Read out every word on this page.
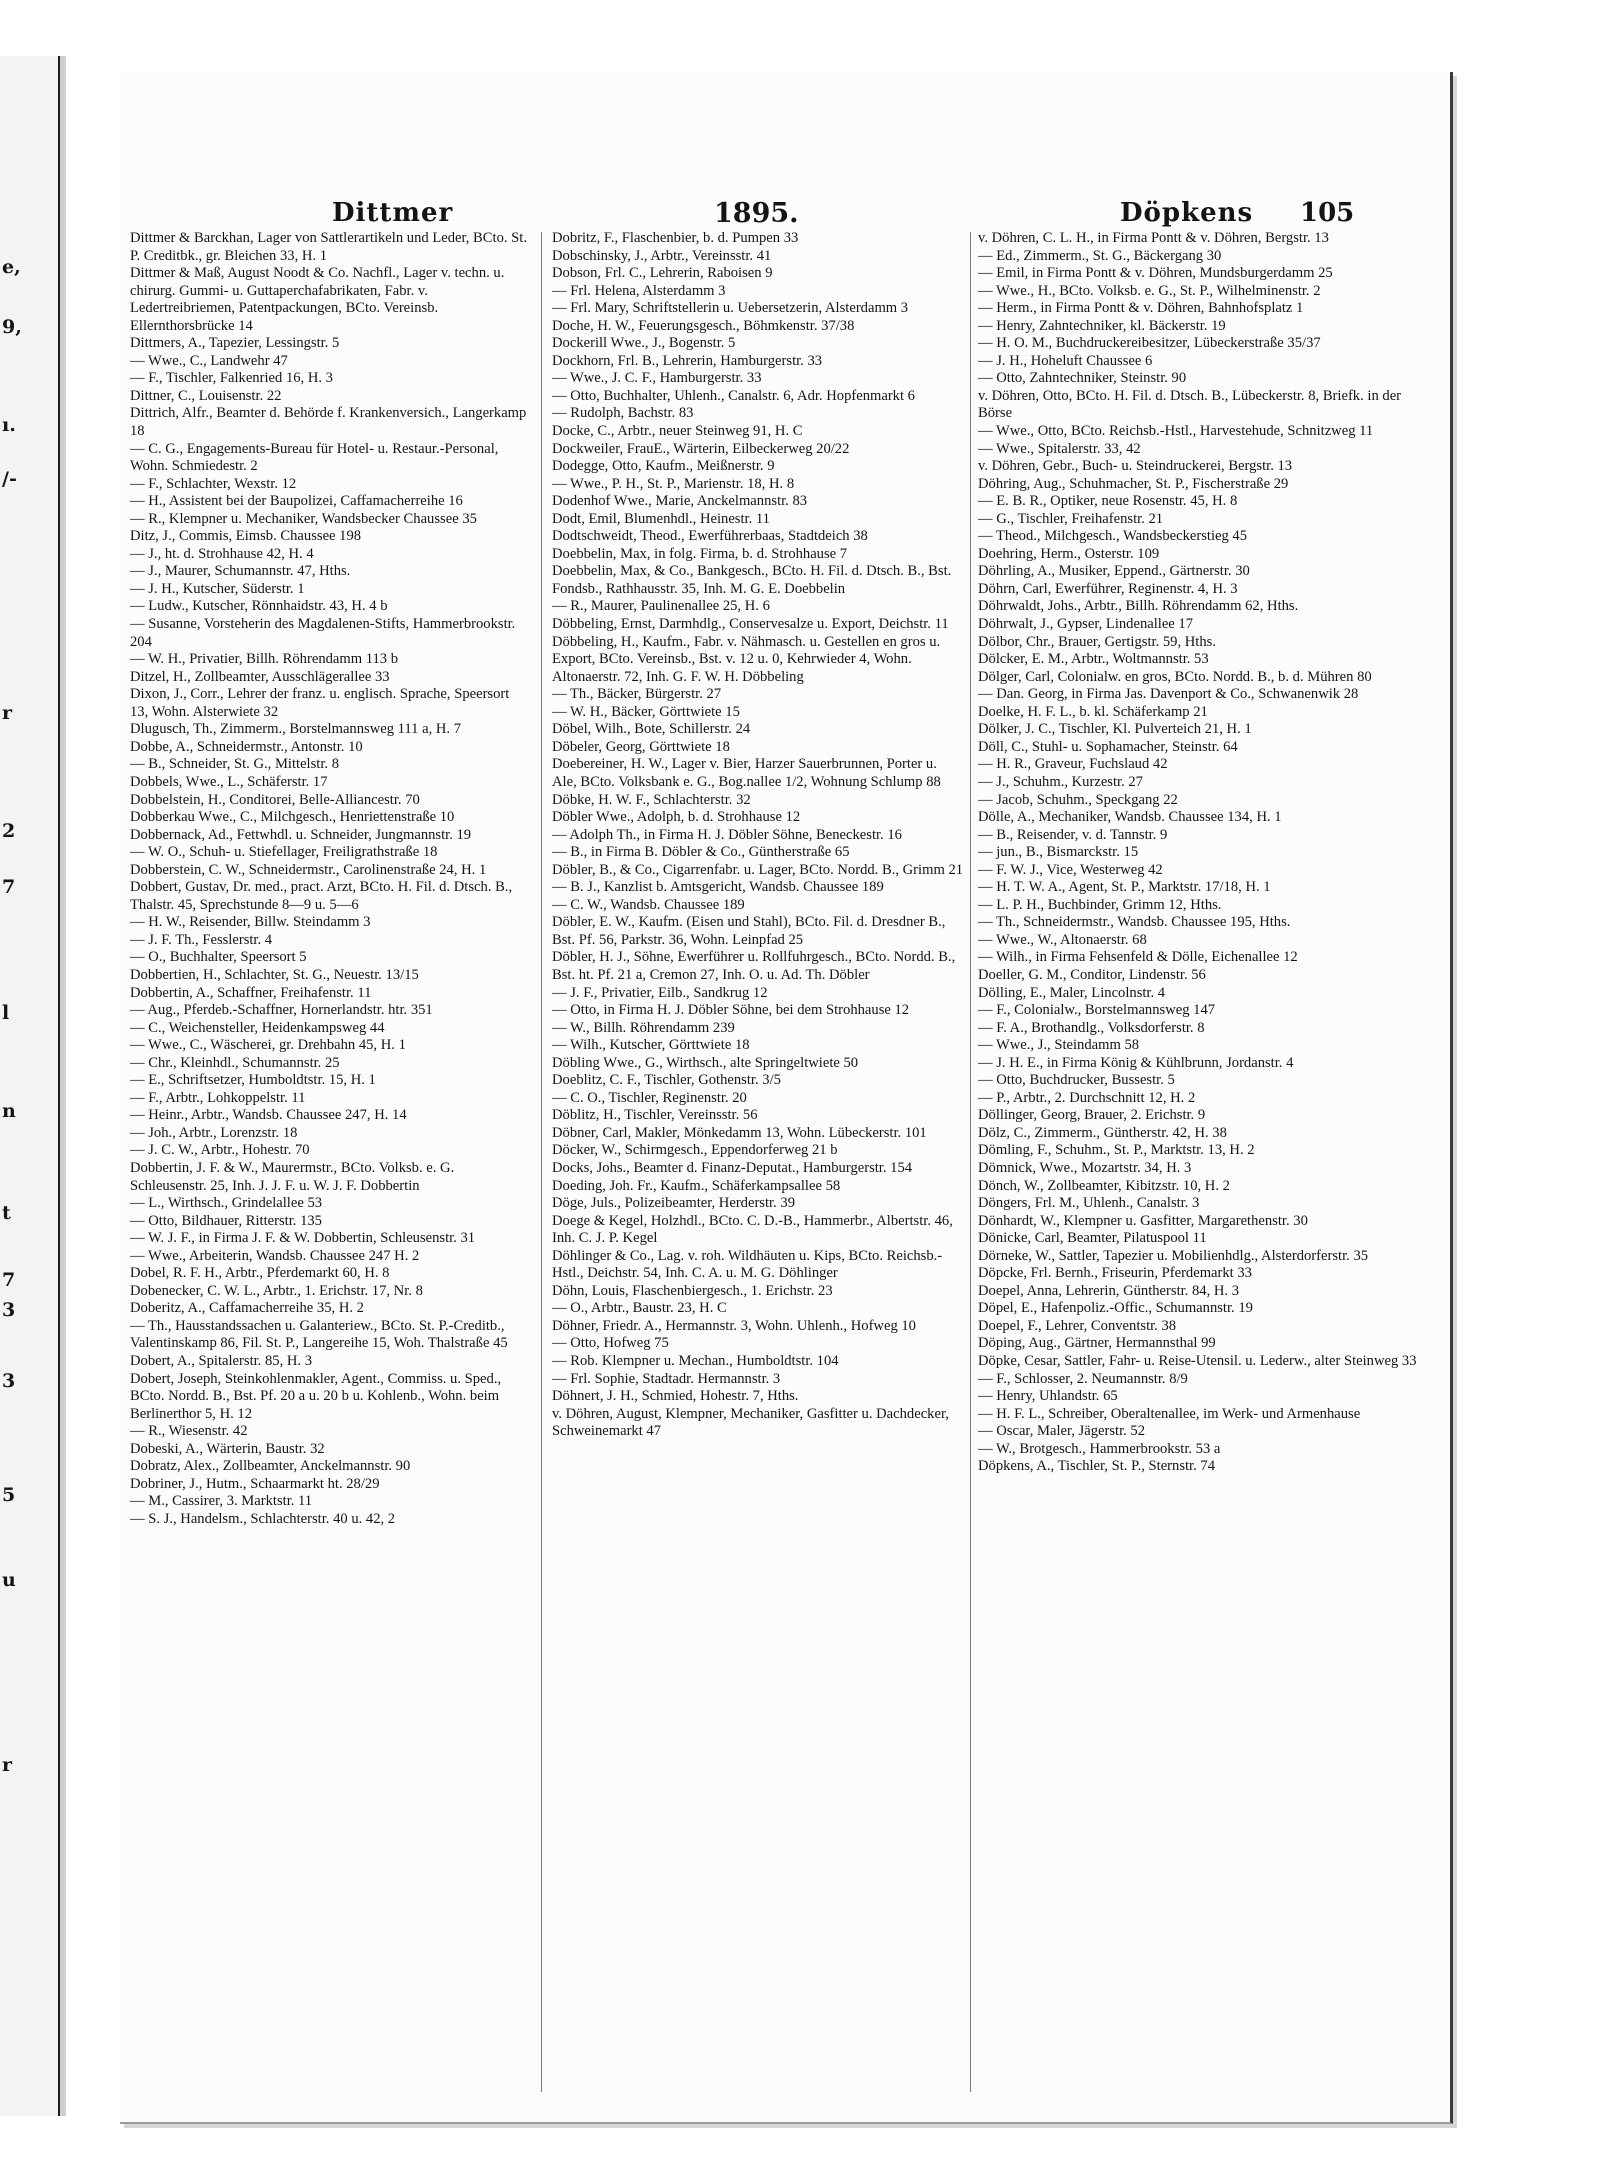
e,
9,
ı.
/-
r
2
7
l
n
t
7
3
3
5
u
r
Dittmer	1895.	Döpkens 105

Dittmer & Barckhan, Lager von Sattlerartikeln und Leder, BCto. St. P. Creditbk., gr. Bleichen 33, H. 1

Dittmer & Maß, August Noodt & Co. Nachfl., Lager v. techn. u. chirurg. Gummi- u. Guttaperchafabrikaten, Fabr. v. Ledertreibriemen, Patentpackungen, BCto. Vereinsb. Ellernthorsbrücke 14

Dittmers, A., Tapezier, Lessingstr. 5

— Wwe., C., Landwehr 47

— F., Tischler, Falkenried 16, H. 3

Dittner, C., Louisenstr. 22

Dittrich, Alfr., Beamter d. Behörde f. Krankenversich., Langerkamp 18

— C. G., Engagements-Bureau für Hotel- u. Restaur.-Personal, Wohn. Schmiedestr. 2

— F., Schlachter, Wexstr. 12

— H., Assistent bei der Baupolizei, Caffamacherreihe 16

— R., Klempner u. Mechaniker, Wandsbecker Chaussee 35

Ditz, J., Commis, Eimsb. Chaussee 198

— J., ht. d. Strohhause 42, H. 4

— J., Maurer, Schumannstr. 47, Hths.

— J. H., Kutscher, Süderstr. 1

— Ludw., Kutscher, Rönnhaidstr. 43, H. 4 b

— Susanne, Vorsteherin des Magdalenen-Stifts, Hammerbrookstr. 204

— W. H., Privatier, Billh. Röhrendamm 113 b

Ditzel, H., Zollbeamter, Ausschlägerallee 33

Dixon, J., Corr., Lehrer der franz. u. englisch. Sprache, Speersort 13, Wohn. Alsterwiete 32

Dlugusch, Th., Zimmerm., Borstelmannsweg 111 a, H. 7

Dobbe, A., Schneidermstr., Antonstr. 10

— B., Schneider, St. G., Mittelstr. 8

Dobbels, Wwe., L., Schäferstr. 17

Dobbelstein, H., Conditorei, Belle-Alliancestr. 70

Dobberkau Wwe., C., Milchgesch., Henriettenstraße 10

Dobbernack, Ad., Fettwhdl. u. Schneider, Jungmannstr. 19

— W. O., Schuh- u. Stiefellager, Freiligrathstraße 18

Dobberstein, C. W., Schneidermstr., Carolinenstraße 24, H. 1

Dobbert, Gustav, Dr. med., pract. Arzt, BCto. H. Fil. d. Dtsch. B., Thalstr. 45, Sprechstunde 8—9 u. 5—6

— H. W., Reisender, Billw. Steindamm 3

— J. F. Th., Fesslerstr. 4

— O., Buchhalter, Speersort 5

Dobbertien, H., Schlachter, St. G., Neuestr. 13/15

Dobbertin, A., Schaffner, Freihafenstr. 11

— Aug., Pferdeb.-Schaffner, Hornerlandstr. htr. 351

— C., Weichensteller, Heidenkampsweg 44

— Wwe., C., Wäscherei, gr. Drehbahn 45, H. 1

— Chr., Kleinhdl., Schumannstr. 25

— E., Schriftsetzer, Humboldtstr. 15, H. 1

— F., Arbtr., Lohkoppelstr. 11

— Heinr., Arbtr., Wandsb. Chaussee 247, H. 14

— Joh., Arbtr., Lorenzstr. 18

— J. C. W., Arbtr., Hohestr. 70

Dobbertin, J. F. & W., Maurermstr., BCto. Volksb. e. G. Schleusenstr. 25, Inh. J. J. F. u. W. J. F. Dobbertin

— L., Wirthsch., Grindelallee 53

— Otto, Bildhauer, Ritterstr. 135

— W. J. F., in Firma J. F. & W. Dobbertin, Schleusenstr. 31

— Wwe., Arbeiterin, Wandsb. Chaussee 247 H. 2

Dobel, R. F. H., Arbtr., Pferdemarkt 60, H. 8

Dobenecker, C. W. L., Arbtr., 1. Erichstr. 17, Nr. 8

Doberitz, A., Caffamacherreihe 35, H. 2

— Th., Hausstandssachen u. Galanteriew., BCto. St. P.-Creditb., Valentinskamp 86, Fil. St. P., Langereihe 15, Woh. Thalstraße 45

Dobert, A., Spitalerstr. 85, H. 3

Dobert, Joseph, Steinkohlenmakler, Agent., Commiss. u. Sped., BCto. Nordd. B., Bst. Pf. 20 a u. 20 b u. Kohlenb., Wohn. beim Berlinerthor 5, H. 12

— R., Wiesenstr. 42

Dobeski, A., Wärterin, Baustr. 32

Dobratz, Alex., Zollbeamter, Anckelmannstr. 90

Dobriner, J., Hutm., Schaarmarkt ht. 28/29

— M., Cassirer, 3. Marktstr. 11

— S. J., Handelsm., Schlachterstr. 40 u. 42, 2

Dobritz, F., Flaschenbier, b. d. Pumpen 33

Dobschinsky, J., Arbtr., Vereinsstr. 41

Dobson, Frl. C., Lehrerin, Raboisen 9

— Frl. Helena, Alsterdamm 3

— Frl. Mary, Schriftstellerin u. Uebersetzerin, Alsterdamm 3

Doche, H. W., Feuerungsgesch., Böhmkenstr. 37/38

Dockerill Wwe., J., Bogenstr. 5

Dockhorn, Frl. B., Lehrerin, Hamburgerstr. 33

— Wwe., J. C. F., Hamburgerstr. 33

— Otto, Buchhalter, Uhlenh., Canalstr. 6, Adr. Hopfenmarkt 6

— Rudolph, Bachstr. 83

Docke, C., Arbtr., neuer Steinweg 91, H. C

Dockweiler, FrauE., Wärterin, Eilbeckerweg 20/22

Dodegge, Otto, Kaufm., Meißnerstr. 9

— Wwe., P. H., St. P., Marienstr. 18, H. 8

Dodenhof Wwe., Marie, Anckelmannstr. 83

Dodt, Emil, Blumenhdl., Heinestr. 11

Dodtschweidt, Theod., Ewerführerbaas, Stadtdeich 38

Doebbelin, Max, in folg. Firma, b. d. Strohhause 7

Doebbelin, Max, & Co., Bankgesch., BCto. H. Fil. d. Dtsch. B., Bst. Fondsb., Rathhausstr. 35, Inh. M. G. E. Doebbelin

— R., Maurer, Paulinenallee 25, H. 6

Döbbeling, Ernst, Darmhdlg., Conservesalze u. Export, Deichstr. 11

Döbbeling, H., Kaufm., Fabr. v. Nähmasch. u. Gestellen en gros u. Export, BCto. Vereinsb., Bst. v. 12 u. 0, Kehrwieder 4, Wohn. Altonaerstr. 72, Inh. G. F. W. H. Döbbeling

— Th., Bäcker, Bürgerstr. 27

— W. H., Bäcker, Görttwiete 15

Döbel, Wilh., Bote, Schillerstr. 24

Döbeler, Georg, Görttwiete 18

Doebereiner, H. W., Lager v. Bier, Harzer Sauerbrunnen, Porter u. Ale, BCto. Volksbank e. G., Bog.nallee 1/2, Wohnung Schlump 88

Döbke, H. W. F., Schlachterstr. 32

Döbler Wwe., Adolph, b. d. Strohhause 12

— Adolph Th., in Firma H. J. Döbler Söhne, Beneckestr. 16

— B., in Firma B. Döbler & Co., Güntherstraße 65

Döbler, B., & Co., Cigarrenfabr. u. Lager, BCto. Nordd. B., Grimm 21

— B. J., Kanzlist b. Amtsgericht, Wandsb. Chaussee 189

— C. W., Wandsb. Chaussee 189

Döbler, E. W., Kaufm. (Eisen und Stahl), BCto. Fil. d. Dresdner B., Bst. Pf. 56, Parkstr. 36, Wohn. Leinpfad 25

Döbler, H. J., Söhne, Ewerführer u. Rollfuhrgesch., BCto. Nordd. B., Bst. ht. Pf. 21 a, Cremon 27, Inh. O. u. Ad. Th. Döbler

— J. F., Privatier, Eilb., Sandkrug 12

— Otto, in Firma H. J. Döbler Söhne, bei dem Strohhause 12

— W., Billh. Röhrendamm 239

— Wilh., Kutscher, Görttwiete 18

Döbling Wwe., G., Wirthsch., alte Springeltwiete 50

Doeblitz, C. F., Tischler, Gothenstr. 3/5

— C. O., Tischler, Reginenstr. 20

Döblitz, H., Tischler, Vereinsstr. 56

Döbner, Carl, Makler, Mönkedamm 13, Wohn. Lübeckerstr. 101

Döcker, W., Schirmgesch., Eppendorferweg 21 b

Docks, Johs., Beamter d. Finanz-Deputat., Hamburgerstr. 154

Doeding, Joh. Fr., Kaufm., Schäferkampsallee 58

Döge, Juls., Polizeibeamter, Herderstr. 39

Doege & Kegel, Holzhdl., BCto. C. D.-B., Hammerbr., Albertstr. 46, Inh. C. J. P. Kegel

Döhlinger & Co., Lag. v. roh. Wildhäuten u. Kips, BCto. Reichsb.-Hstl., Deichstr. 54, Inh. C. A. u. M. G. Döhlinger

Döhn, Louis, Flaschenbiergesch., 1. Erichstr. 23

— O., Arbtr., Baustr. 23, H. C

Döhner, Friedr. A., Hermannstr. 3, Wohn. Uhlenh., Hofweg 10

— Otto, Hofweg 75

— Rob. Klempner u. Mechan., Humboldtstr. 104

— Frl. Sophie, Stadtadr. Hermannstr. 3

Döhnert, J. H., Schmied, Hohestr. 7, Hths.

v. Döhren, August, Klempner, Mechaniker, Gasfitter u. Dachdecker, Schweinemarkt 47

v. Döhren, C. L. H., in Firma Pontt & v. Döhren, Bergstr. 13

— Ed., Zimmerm., St. G., Bäckergang 30

— Emil, in Firma Pontt & v. Döhren, Mundsburgerdamm 25

— Wwe., H., BCto. Volksb. e. G., St. P., Wilhelminenstr. 2

— Herm., in Firma Pontt & v. Döhren, Bahnhofsplatz 1

— Henry, Zahntechniker, kl. Bäckerstr. 19

— H. O. M., Buchdruckereibesitzer, Lübeckerstraße 35/37

— J. H., Hoheluft Chaussee 6

— Otto, Zahntechniker, Steinstr. 90

v. Döhren, Otto, BCto. H. Fil. d. Dtsch. B., Lübeckerstr. 8, Briefk. in der Börse

— Wwe., Otto, BCto. Reichsb.-Hstl., Harvestehude, Schnitzweg 11

— Wwe., Spitalerstr. 33, 42

v. Döhren, Gebr., Buch- u. Steindruckerei, Bergstr. 13

Döhring, Aug., Schuhmacher, St. P., Fischerstraße 29

— E. B. R., Optiker, neue Rosenstr. 45, H. 8

— G., Tischler, Freihafenstr. 21

— Theod., Milchgesch., Wandsbeckerstieg 45

Doehring, Herm., Osterstr. 109

Döhrling, A., Musiker, Eppend., Gärtnerstr. 30

Döhrn, Carl, Ewerführer, Reginenstr. 4, H. 3

Döhrwaldt, Johs., Arbtr., Billh. Röhrendamm 62, Hths.

Döhrwalt, J., Gypser, Lindenallee 17

Dölbor, Chr., Brauer, Gertigstr. 59, Hths.

Dölcker, E. M., Arbtr., Woltmannstr. 53

Dölger, Carl, Colonialw. en gros, BCto. Nordd. B., b. d. Mühren 80

— Dan. Georg, in Firma Jas. Davenport & Co., Schwanenwik 28

Doelke, H. F. L., b. kl. Schäferkamp 21

Dölker, J. C., Tischler, Kl. Pulverteich 21, H. 1

Döll, C., Stuhl- u. Sophamacher, Steinstr. 64

— H. R., Graveur, Fuchslaud 42

— J., Schuhm., Kurzestr. 27

— Jacob, Schuhm., Speckgang 22

Dölle, A., Mechaniker, Wandsb. Chaussee 134, H. 1

— B., Reisender, v. d. Tannstr. 9

— jun., B., Bismarckstr. 15

— F. W. J., Vice, Westerweg 42

— H. T. W. A., Agent, St. P., Marktstr. 17/18, H. 1

— L. P. H., Buchbinder, Grimm 12, Hths.

— Th., Schneidermstr., Wandsb. Chaussee 195, Hths.

— Wwe., W., Altonaerstr. 68

— Wilh., in Firma Fehsenfeld & Dölle, Eichenallee 12

Doeller, G. M., Conditor, Lindenstr. 56

Dölling, E., Maler, Lincolnstr. 4

— F., Colonialw., Borstelmannsweg 147

— F. A., Brothandlg., Volksdorferstr. 8

— Wwe., J., Steindamm 58

— J. H. E., in Firma König & Kühlbrunn, Jordanstr. 4

— Otto, Buchdrucker, Bussestr. 5

— P., Arbtr., 2. Durchschnitt 12, H. 2

Döllinger, Georg, Brauer, 2. Erichstr. 9

Dölz, C., Zimmerm., Güntherstr. 42, H. 38

Dömling, F., Schuhm., St. P., Marktstr. 13, H. 2

Dömnick, Wwe., Mozartstr. 34, H. 3

Dönch, W., Zollbeamter, Kibitzstr. 10, H. 2

Döngers, Frl. M., Uhlenh., Canalstr. 3

Dönhardt, W., Klempner u. Gasfitter, Margarethenstr. 30

Dönicke, Carl, Beamter, Pilatuspool 11

Dörneke, W., Sattler, Tapezier u. Mobilienhdlg., Alsterdorferstr. 35

Döpcke, Frl. Bernh., Friseurin, Pferdemarkt 33

Doepel, Anna, Lehrerin, Güntherstr. 84, H. 3

Döpel, E., Hafenpoliz.-Offic., Schumannstr. 19

Doepel, F., Lehrer, Conventstr. 38

Döping, Aug., Gärtner, Hermannsthal 99

Döpke, Cesar, Sattler, Fahr- u. Reise-Utensil. u. Lederw., alter Steinweg 33

— F., Schlosser, 2. Neumannstr. 8/9

— Henry, Uhlandstr. 65

— H. F. L., Schreiber, Oberaltenallee, im Werk- und Armenhause

— Oscar, Maler, Jägerstr. 52

— W., Brotgesch., Hammerbrookstr. 53 a

Döpkens, A., Tischler, St. P., Sternstr. 74
